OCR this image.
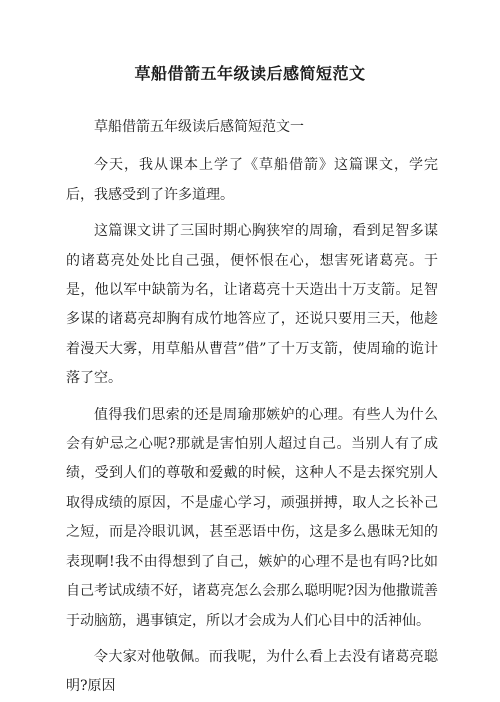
草船借箭五年级读后感简短范文

草船借箭五年级读后感简短范文一

今天，我从课本上学了《草船借箭》这篇课文，学完后，我感受到了许多道理。

这篇课文讲了三国时期心胸狭窄的周瑜，看到足智多谋的诸葛亮处处比自己强，便怀恨在心，想害死诸葛亮。于是，他以军中缺箭为名，让诸葛亮十天造出十万支箭。足智多谋的诸葛亮却胸有成竹地答应了，还说只要用三天，他趁着漫天大雾，用草船从曹营”借”了十万支箭，使周瑜的诡计落了空。

值得我们思索的还是周瑜那嫉妒的心理。有些人为什么会有妒忌之心呢?那就是害怕别人超过自己。当别人有了成绩，受到人们的尊敬和爱戴的时候，这种人不是去探究别人取得成绩的原因，不是虚心学习，顽强拼搏，取人之长补己之短，而是冷眼讥讽，甚至恶语中伤，这是多么愚昧无知的表现啊!我不由得想到了自己，嫉妒的心理不是也有吗?比如自己考试成绩不好，诸葛亮怎么会那么聪明呢?因为他撒谎善于动脑筋，遇事镇定，所以才会成为人们心目中的活神仙。

令大家对他敬佩。而我呢，为什么看上去没有诸葛亮聪明?原因
